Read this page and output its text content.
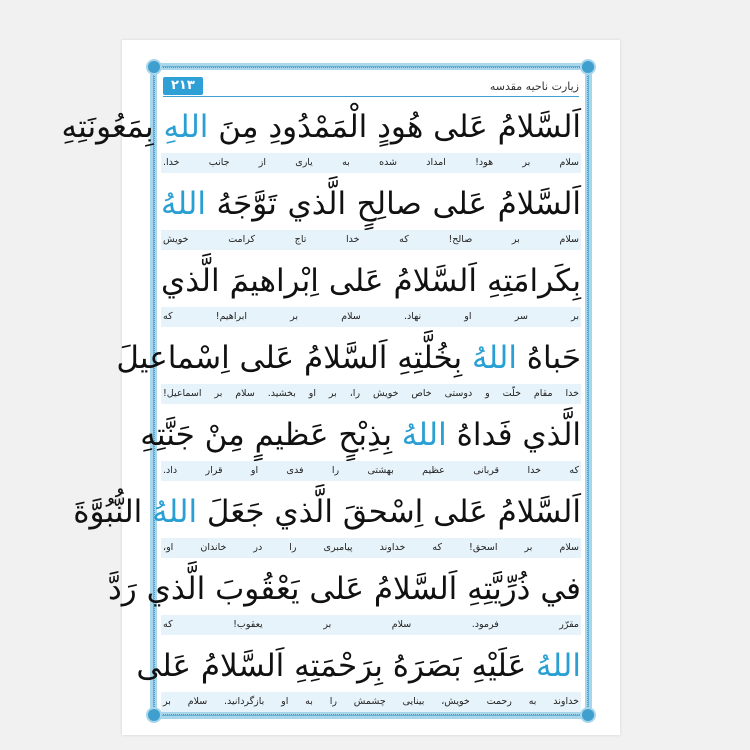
۲۱۳	زیارت ناحیه مقدسه
اَلسَّلامُ عَلی هُودٍ الْمَمْدُودِ مِنَ اللهِ بِمَعُونَتِهِ
سلام بر هود! امداد شده به یاری از جانب خدا.
اَلسَّلامُ عَلی صالِحٍ الَّذي تَوَّجَهُ اللهُ
سلام بر صالح! که خدا تاج کرامت خویش
بِكَرامَتِهِ اَلسَّلامُ عَلی اِبْراهيمَ الَّذي
بر سر او نهاد. سلام بر ابراهیم! که
حَباهُ اللهُ بِخُلَّتِهِ اَلسَّلامُ عَلی اِسْماعيلَ
خدا مقام خلّت و دوستی خاص خویش را، بر او بخشید. سلام بر اسماعیل!
الَّذي فَداهُ اللهُ بِذِبْحٍ عَظيمٍ مِنْ جَنَّتِهِ
که خدا قربانی عظیم بهشتی را فدی او قرار داد.
اَلسَّلامُ عَلی اِسْحقَ الَّذي جَعَلَ اللهُ النُّبُوَّةَ
سلام بر اسحق! که خداوند پیامبری را در خاندان او،
في ذُرِّيَّتِهِ اَلسَّلامُ عَلی يَعْقُوبَ الَّذي رَدَّ
مقرّر فرمود. سلام بر یعقوب! که
اللهُ عَلَيْهِ بَصَرَهُ بِرَحْمَتِهِ اَلسَّلامُ عَلی
خداوند به رحمت خویش، بینایی چشمش را به او بازگردانید. سلام بر
